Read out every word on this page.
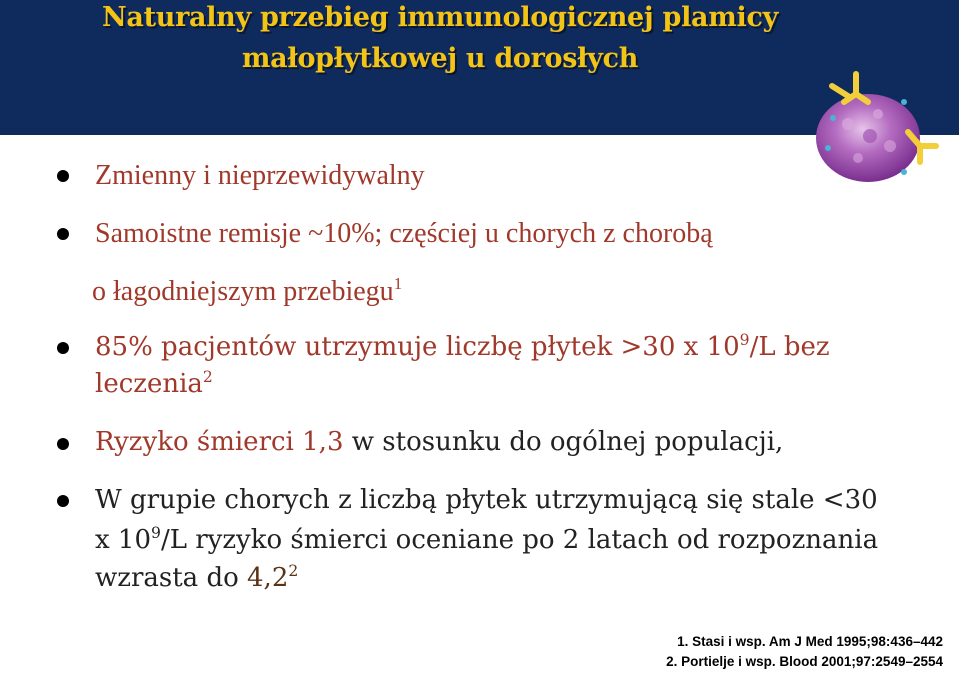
Naturalny przebieg immunologicznej plamicy
małopłytkowej u dorosłych
Zmienny i nieprzewidywalny
Samoistne remisje ~10%; częściej u chorych z chorobą
o łagodniejszym przebiegu$^1$
85% pacjentów utrzymuje liczbę płytek >30 x $10^9/L$ bez
leczenia$^2$
Ryzyko śmierci 1,3 w stosunku do ogólnej populacji,
W grupie chorych z liczbą płytek utrzymującą się stale <30
x $10^9/L$ ryzyko śmierci oceniane po 2 latach od rozpoznania
wzrasta do $4,2^2$
1. Stasi i wsp. Am J Med 1995;98:436–442
2. Portielje i wsp. Blood 2001;97:2549–2554
